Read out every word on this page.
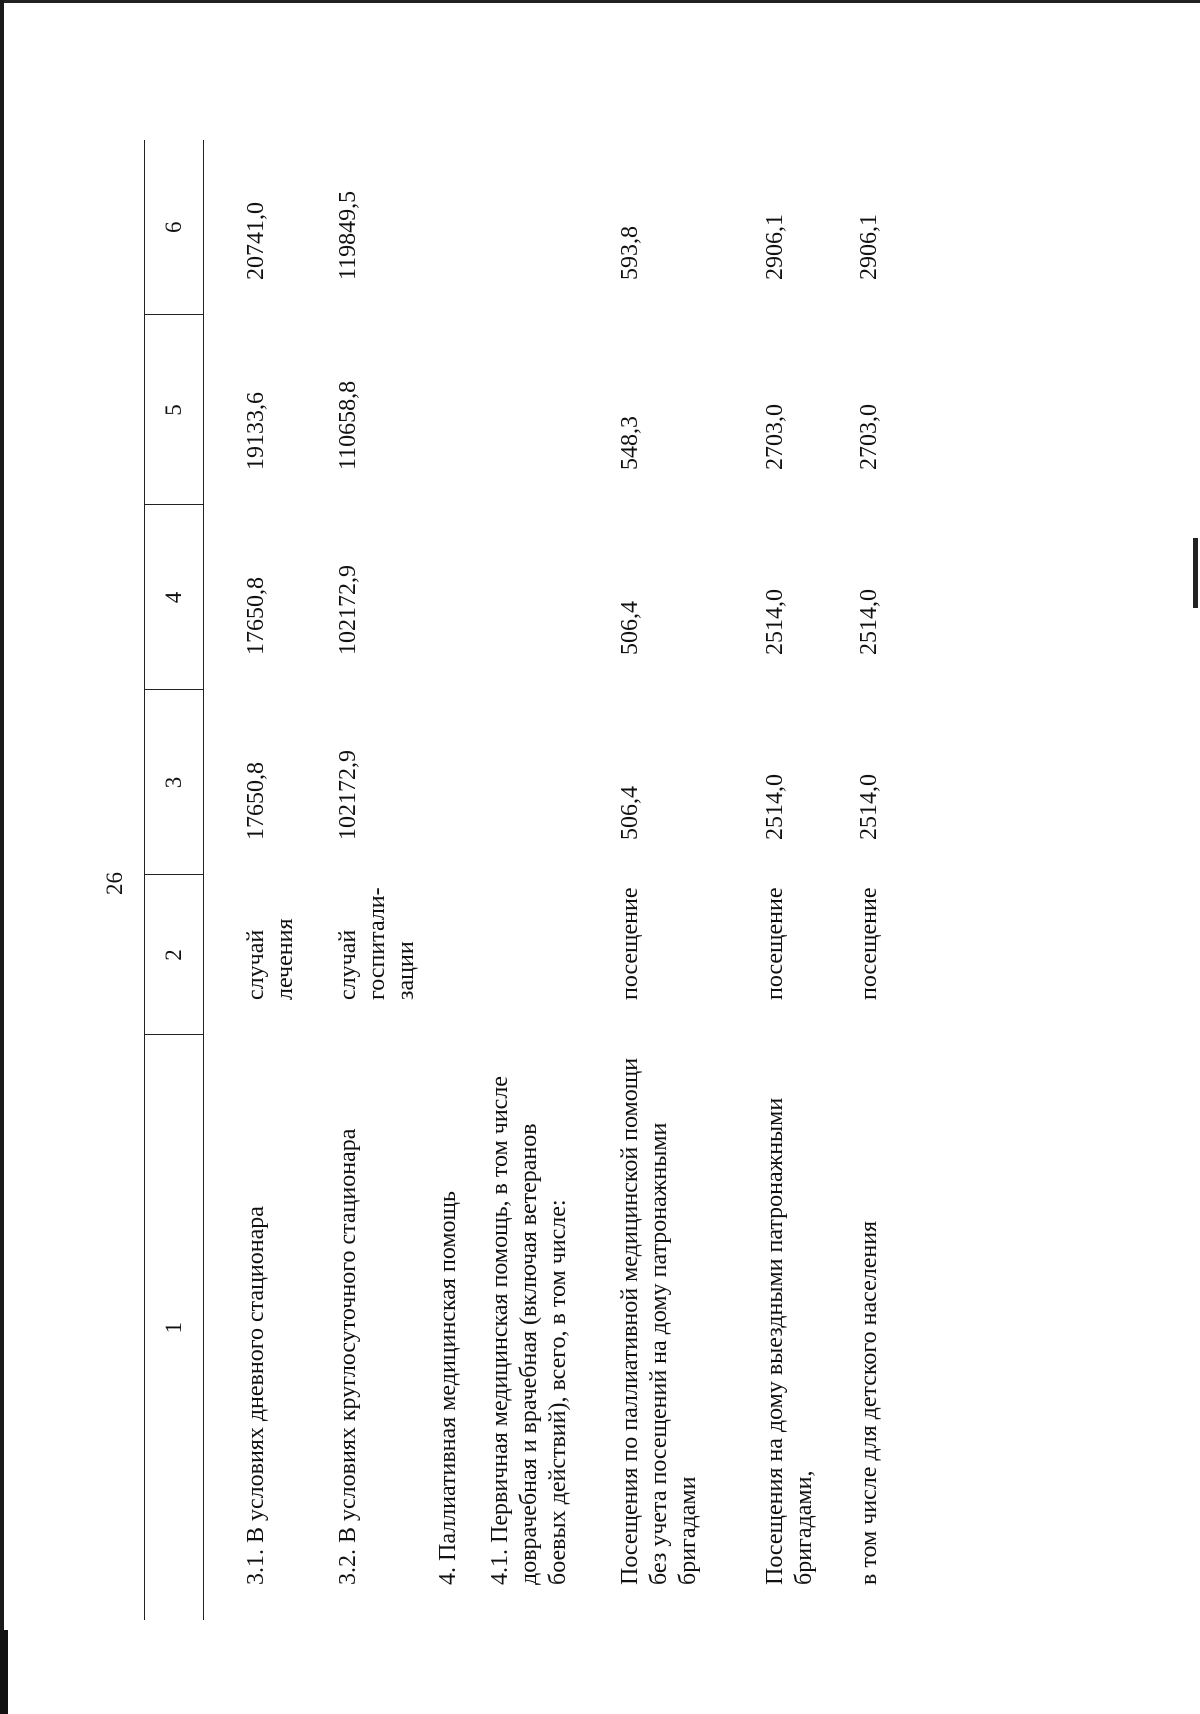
26
1	2	3	4	5	6
3.1. В условиях дневного стационара	случай лечения	17650,8	17650,8	19133,6	20741,0
3.2. В условиях круглосуточного стационара	случай госпитали-зации	102172,9	102172,9	110658,8	119849,5
4. Паллиативная медицинская помощь					
4.1. Первичная медицинская помощь, в том числе доврачебная и врачебная (включая ветеранов боевых действий), всего, в том числе:					
Посещения по паллиативной медицинской помощи без учета посещений на дому патронажными бригадами	посещение	506,4	506,4	548,3	593,8
Посещения на дому выездными патронажными бригадами,	посещение	2514,0	2514,0	2703,0	2906,1
в том числе для детского населения	посещение	2514,0	2514,0	2703,0	2906,1
